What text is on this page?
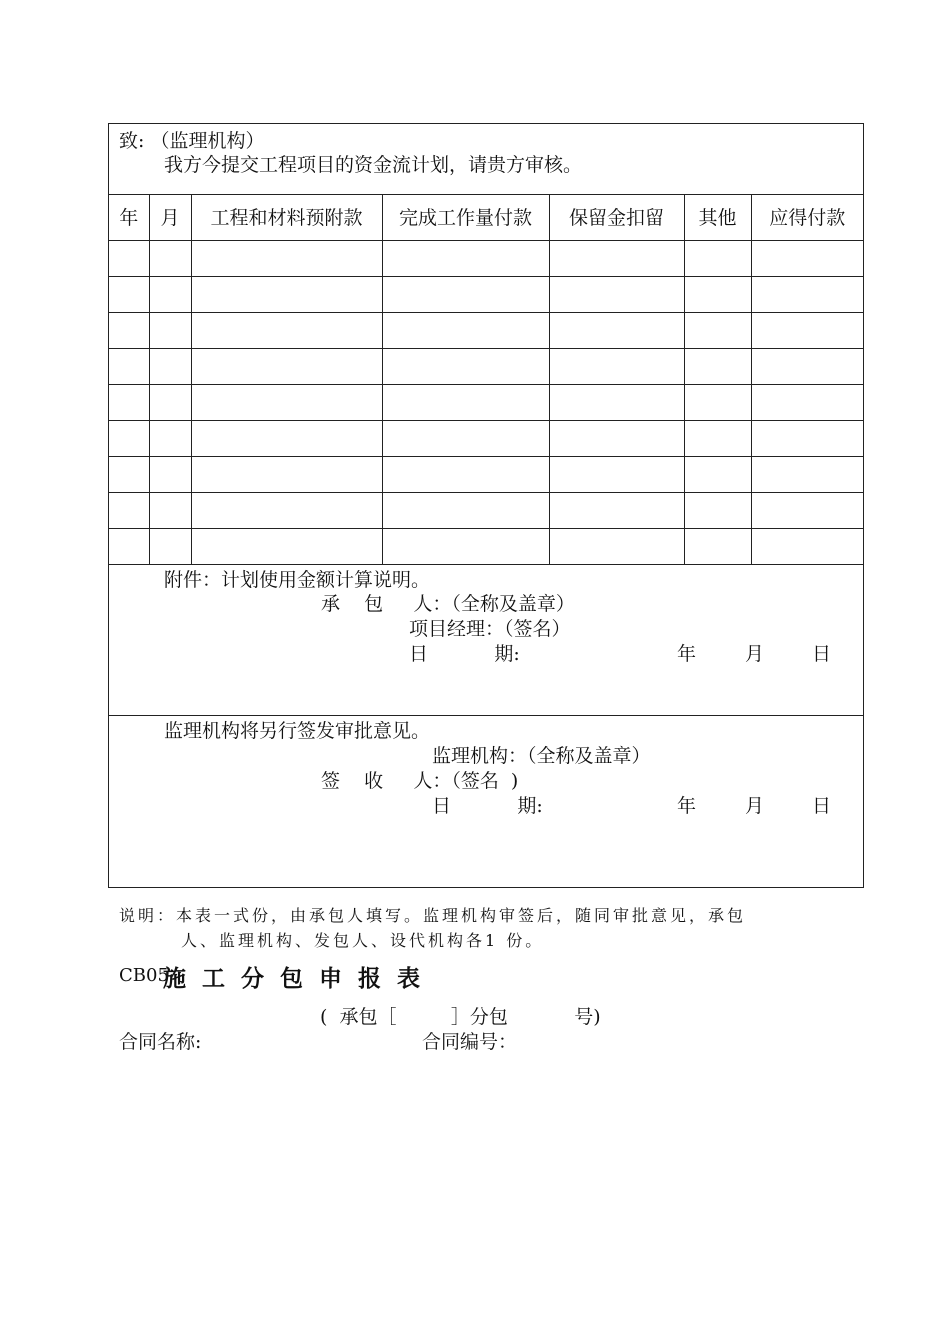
致: （监理机构）
我方今提交工程项目的资金流计划，请贵方审核。
年	月	工程和材料预附款	完成工作量付款	保留金扣留	其他	应得付款

附件：计划使用金额计算说明。
承    包     人：（全称及盖章）
项目经理：（签名）
日           期:	年	月	日
监理机构将另行签发审批意见。
监理机构：（全称及盖章）
签    收     人：（签名  )
日           期:	年	月	日
说明：本表一式份，由承包人填写。监理机构审签后，随同审批意见，承包
人、监理机构、发包人、设代机构各1 份。
CB05
施工分包申报表
(  承包［         ］分包           号)
合同名称:	合同编号：
